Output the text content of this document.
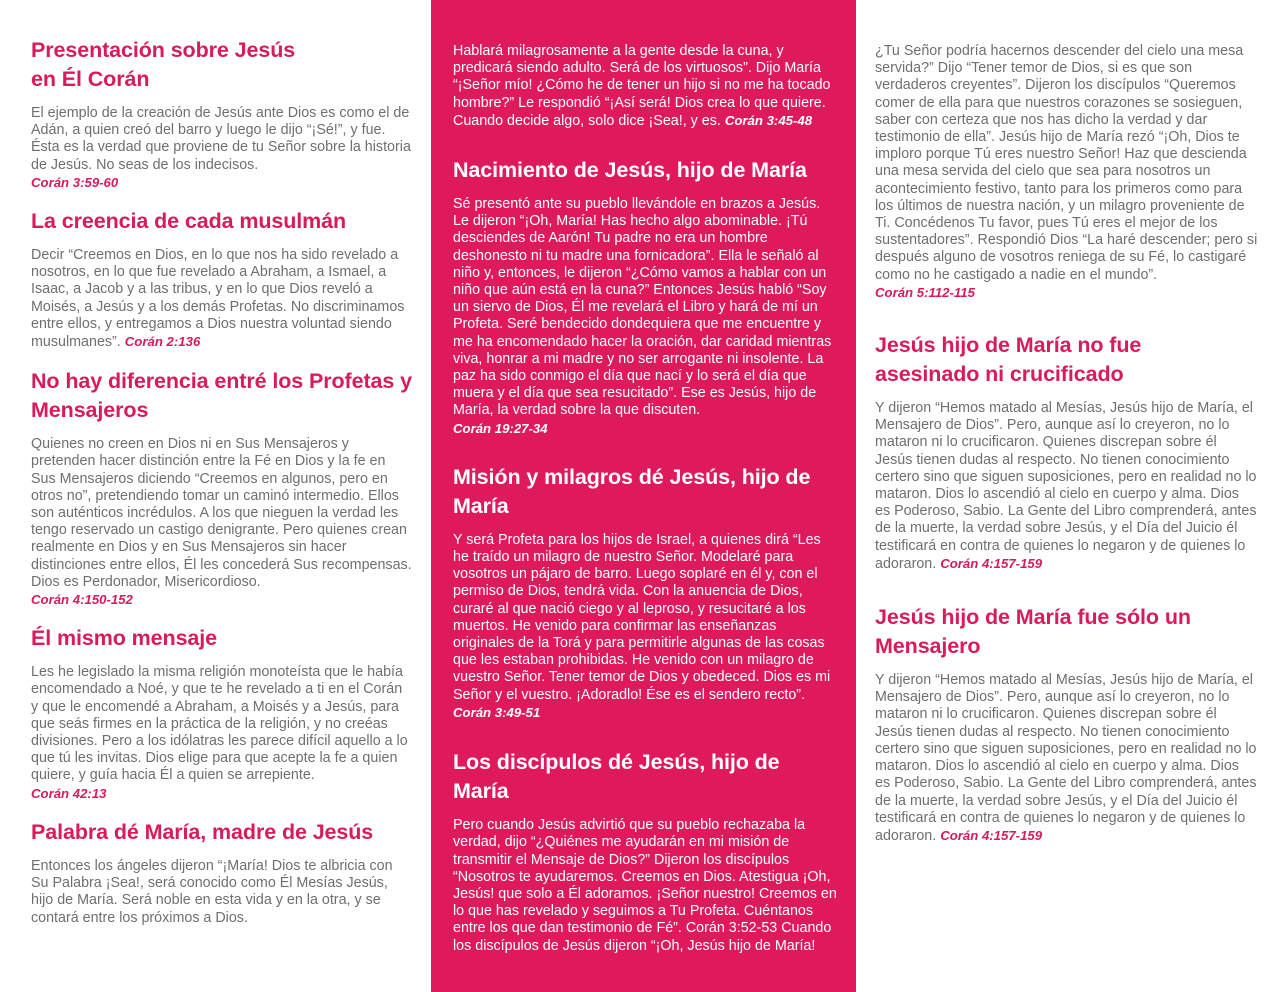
Presentación sobre Jesús en Él Corán

El ejemplo de la creación de Jesús ante Dios es como el de Adán, a quien creó del barro y luego le dijo “¡Sé!”, y fue. Ésta es la verdad que proviene de tu Señor sobre la historia de Jesús. No seas de los indecisos.
Corán 3:59-60

La creencia de cada musulmán

Decir “Creemos en Dios, en lo que nos ha sido revelado a nosotros, en lo que fue revelado a Abraham, a Ismael, a Isaac, a Jacob y a las tribus, y en lo que Dios reveló a Moisés, a Jesús y a los demás Profetas. No discriminamos entre ellos, y entregamos a Dios nuestra voluntad siendo musulmanes”. Corán 2:136

No hay diferencia entré los Profetas y Mensajeros

Quienes no creen en Dios ni en Sus Mensajeros y pretenden hacer distinción entre la Fé en Dios y la fe en Sus Mensajeros diciendo “Creemos en algunos, pero en otros no”, pretendiendo tomar un caminó intermedio. Ellos son auténticos incrédulos. A los que nieguen la verdad les tengo reservado un castigo denigrante. Pero quienes crean realmente en Dios y en Sus Mensajeros sin hacer distinciones entre ellos, Él les concederá Sus recompensas. Dios es Perdonador, Misericordioso.
Corán 4:150-152

Él mismo mensaje

Les he legislado la misma religión monoteísta que le había encomendado a Noé, y que te he revelado a ti en el Corán y que le encomendé a Abraham, a Moisés y a Jesús, para que seás firmes en la práctica de la religión, y no creéas divisiones. Pero a los idólatras les parece difícil aquello a lo que tú les invitas. Dios elige para que acepte la fe a quien quiere, y guía hacia Él a quien se arrepiente.
Corán 42:13

Palabra dé María, madre de Jesús

Entonces los ángeles dijeron “¡María! Dios te albricia con Su Palabra ¡Sea!, será conocido como Él Mesías Jesús, hijo de María. Será noble en esta vida y en la otra, y se contará entre los próximos a Dios.

Hablará milagrosamente a la gente desde la cuna, y predicará siendo adulto. Será de los virtuosos”. Dijo María “¡Señor mío! ¿Cómo he de tener un hijo si no me ha tocado hombre?” Le respondió “¡Así será! Dios crea lo que quiere. Cuando decide algo, solo dice ¡Sea!, y es. Corán 3:45-48

Nacimiento de Jesús, hijo de María

Sé presentó ante su pueblo llevándole en brazos a Jesús. Le dijeron “¡Oh, María! Has hecho algo abominable. ¡Tú desciendes de Aarón! Tu padre no era un hombre deshonesto ni tu madre una fornicadora”. Ella le señaló al niño y, entonces, le dijeron “¿Cómo vamos a hablar con un niño que aún está en la cuna?” Entonces Jesús habló “Soy un siervo de Dios, Él me revelará el Libro y hará de mí un Profeta. Seré bendecido dondequiera que me encuentre y me ha encomendado hacer la oración, dar caridad mientras viva, honrar a mi madre y no ser arrogante ni insolente. La paz ha sido conmigo el día que nací y lo será el día que muera y el día que sea resucitado”. Ese es Jesús, hijo de María, la verdad sobre la que discuten.
Corán 19:27-34

Misión y milagros dé Jesús, hijo de María

Y será Profeta para los hijos de Israel, a quienes dirá “Les he traído un milagro de nuestro Señor. Modelaré para vosotros un pájaro de barro. Luego soplaré en él y, con el permiso de Dios, tendrá vida. Con la anuencia de Dios, curaré al que nació ciego y al leproso, y resucitaré a los muertos. He venido para confirmar las enseñanzas originales de la Torá y para permitirle algunas de las cosas que les estaban prohibidas. He venido con un milagro de vuestro Señor. Tener temor de Dios y obedeced. Dios es mi Señor y el vuestro. ¡Adoradlo! Ése es el sendero recto”. Corán 3:49-51

Los discípulos dé Jesús, hijo de María

Pero cuando Jesús advirtió que su pueblo rechazaba la verdad, dijo “¿Quiénes me ayudarán en mi misión de transmitir el Mensaje de Dios?” Dijeron los discípulos “Nosotros te ayudaremos. Creemos en Dios. Atestigua ¡Oh, Jesús! que solo a Él adoramos. ¡Señor nuestro! Creemos en lo que has revelado y seguimos a Tu Profeta. Cuéntanos entre los que dan testimonio de Fé”. Corán 3:52-53 Cuando los discípulos de Jesús dijeron “¡Oh, Jesús hijo de María!

¿Tu Señor podría hacernos descender del cielo una mesa servida?” Dijo “Tener temor de Dios, si es que son verdaderos creyentes”. Dijeron los discípulos “Queremos comer de ella para que nuestros corazones se sosieguen, saber con certeza que nos has dicho la verdad y dar testimonio de ella”. Jesús hijo de María rezó “¡Oh, Dios te imploro porque Tú eres nuestro Señor! Haz que descienda una mesa servida del cielo que sea para nosotros un acontecimiento festivo, tanto para los primeros como para los últimos de nuestra nación, y un milagro proveniente de Ti. Concédenos Tu favor, pues Tú eres el mejor de los sustentadores”. Respondió Dios “La haré descender; pero si después alguno de vosotros reniega de su Fé, lo castigaré como no he castigado a nadie en el mundo”.
Corán 5:112-115

Jesús hijo de María no fue asesinado ni crucificado

Y dijeron “Hemos matado al Mesías, Jesús hijo de María, el Mensajero de Dios”. Pero, aunque así lo creyeron, no lo mataron ni lo crucificaron. Quienes discrepan sobre él Jesús tienen dudas al respecto. No tienen conocimiento certero sino que siguen suposiciones, pero en realidad no lo mataron. Dios lo ascendió al cielo en cuerpo y alma. Dios es Poderoso, Sabio. La Gente del Libro comprenderá, antes de la muerte, la verdad sobre Jesús, y el Día del Juicio él testificará en contra de quienes lo negaron y de quienes lo adoraron. Corán 4:157-159

Jesús hijo de María fue sólo un Mensajero

Y dijeron “Hemos matado al Mesías, Jesús hijo de María, el Mensajero de Dios”. Pero, aunque así lo creyeron, no lo mataron ni lo crucificaron. Quienes discrepan sobre él Jesús tienen dudas al respecto. No tienen conocimiento certero sino que siguen suposiciones, pero en realidad no lo mataron. Dios lo ascendió al cielo en cuerpo y alma. Dios es Poderoso, Sabio. La Gente del Libro comprenderá, antes de la muerte, la verdad sobre Jesús, y el Día del Juicio él testificará en contra de quienes lo negaron y de quienes lo adoraron. Corán 4:157-159
